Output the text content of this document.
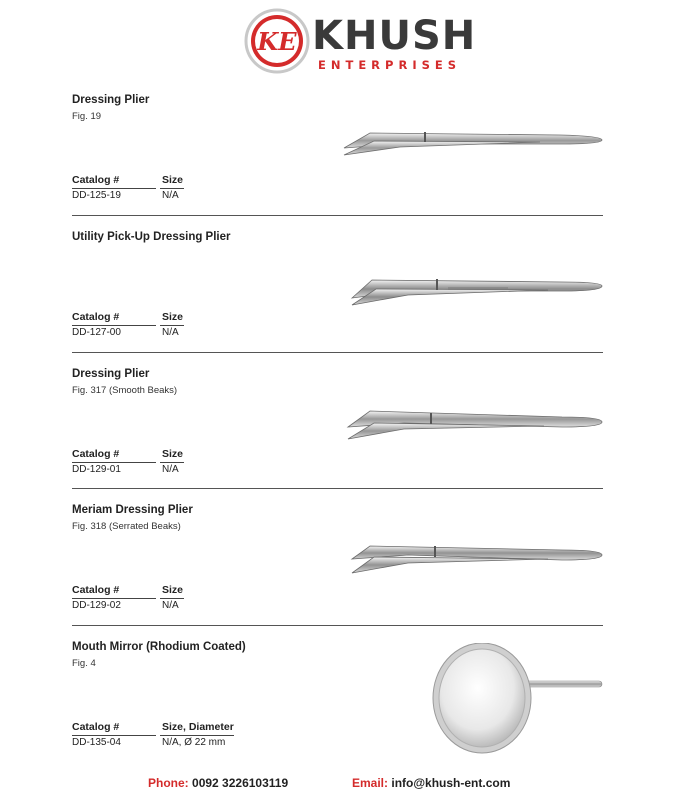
KE KHUSH
ENTERPRISES
Dressing Plier
Fig. 19
Catalog #	Size
DD-125-19	N/A
Utility Pick-Up Dressing Plier
Catalog #	Size
DD-127-00	N/A
Dressing Plier
Fig. 317 (Smooth Beaks)
Catalog #	Size
DD-129-01	N/A
Meriam Dressing Plier
Fig. 318 (Serrated Beaks)
Catalog #	Size
DD-129-02	N/A
Mouth Mirror (Rhodium Coated)
Fig. 4
Catalog #	Size, Diameter
DD-135-04	N/A, Ø 22 mm
Phone: 0092 3226103119	Email: info@khush-ent.com
